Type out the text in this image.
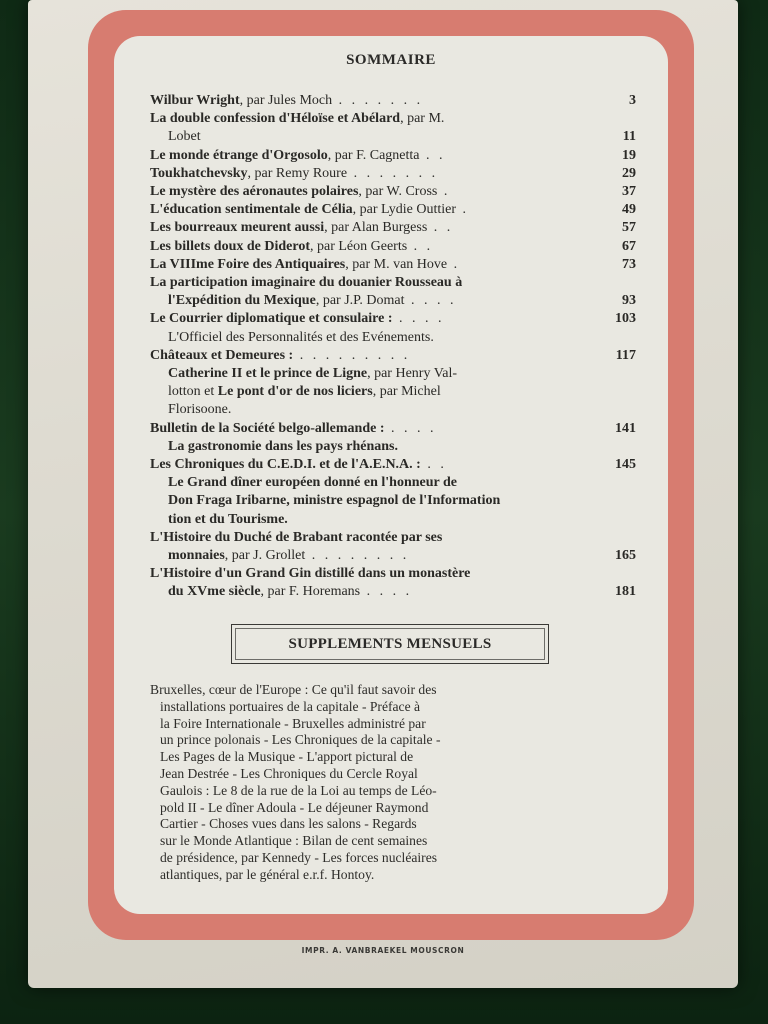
SOMMAIRE
Wilbur Wright, par Jules Moch . . . . . . .	3
La double confession d'Héloïse et Abélard, par M.
Lobet	11
Le monde étrange d'Orgosolo, par F. Cagnetta . .	19
Toukhatchevsky, par Remy Roure . . . . . . .	29
Le mystère des aéronautes polaires, par W. Cross .	37
L'éducation sentimentale de Célia, par Lydie Outtier .	49
Les bourreaux meurent aussi, par Alan Burgess . .	57
Les billets doux de Diderot, par Léon Geerts . .	67
La VIIIme Foire des Antiquaires, par M. van Hove .	73
La participation imaginaire du douanier Rousseau à
l'Expédition du Mexique, par J.P. Domat . . . .	93
Le Courrier diplomatique et consulaire : . . . .	103
L'Officiel des Personnalités et des Evénements.
Châteaux et Demeures : . . . . . . . . .	117
Catherine II et le prince de Ligne, par Henry Val-
lotton et Le pont d'or de nos liciers, par Michel
Florisoone.
Bulletin de la Société belgo-allemande : . . . .	141
La gastronomie dans les pays rhénans.
Les Chroniques du C.E.D.I. et de l'A.E.N.A. : . .	145
Le Grand dîner européen donné en l'honneur de
Don Fraga Iribarne, ministre espagnol de l'Information
tion et du Tourisme.
L'Histoire du Duché de Brabant racontée par ses
monnaies, par J. Grollet . . . . . . . .	165
L'Histoire d'un Grand Gin distillé dans un monastère
du XVme siècle, par F. Horemans . . . .	181
SUPPLEMENTS MENSUELS
Bruxelles, cœur de l'Europe : Ce qu'il faut savoir des
installations portuaires de la capitale - Préface à
la Foire Internationale - Bruxelles administré par
un prince polonais - Les Chroniques de la capitale -
Les Pages de la Musique - L'apport pictural de
Jean Destrée - Les Chroniques du Cercle Royal
Gaulois : Le 8 de la rue de la Loi au temps de Léo-
pold II - Le dîner Adoula - Le déjeuner Raymond
Cartier - Choses vues dans les salons - Regards
sur le Monde Atlantique : Bilan de cent semaines
de présidence, par Kennedy - Les forces nucléaires
atlantiques, par le général e.r.f. Hontoy.
IMPR. A. VANBRAEKEL MOUSCRON
